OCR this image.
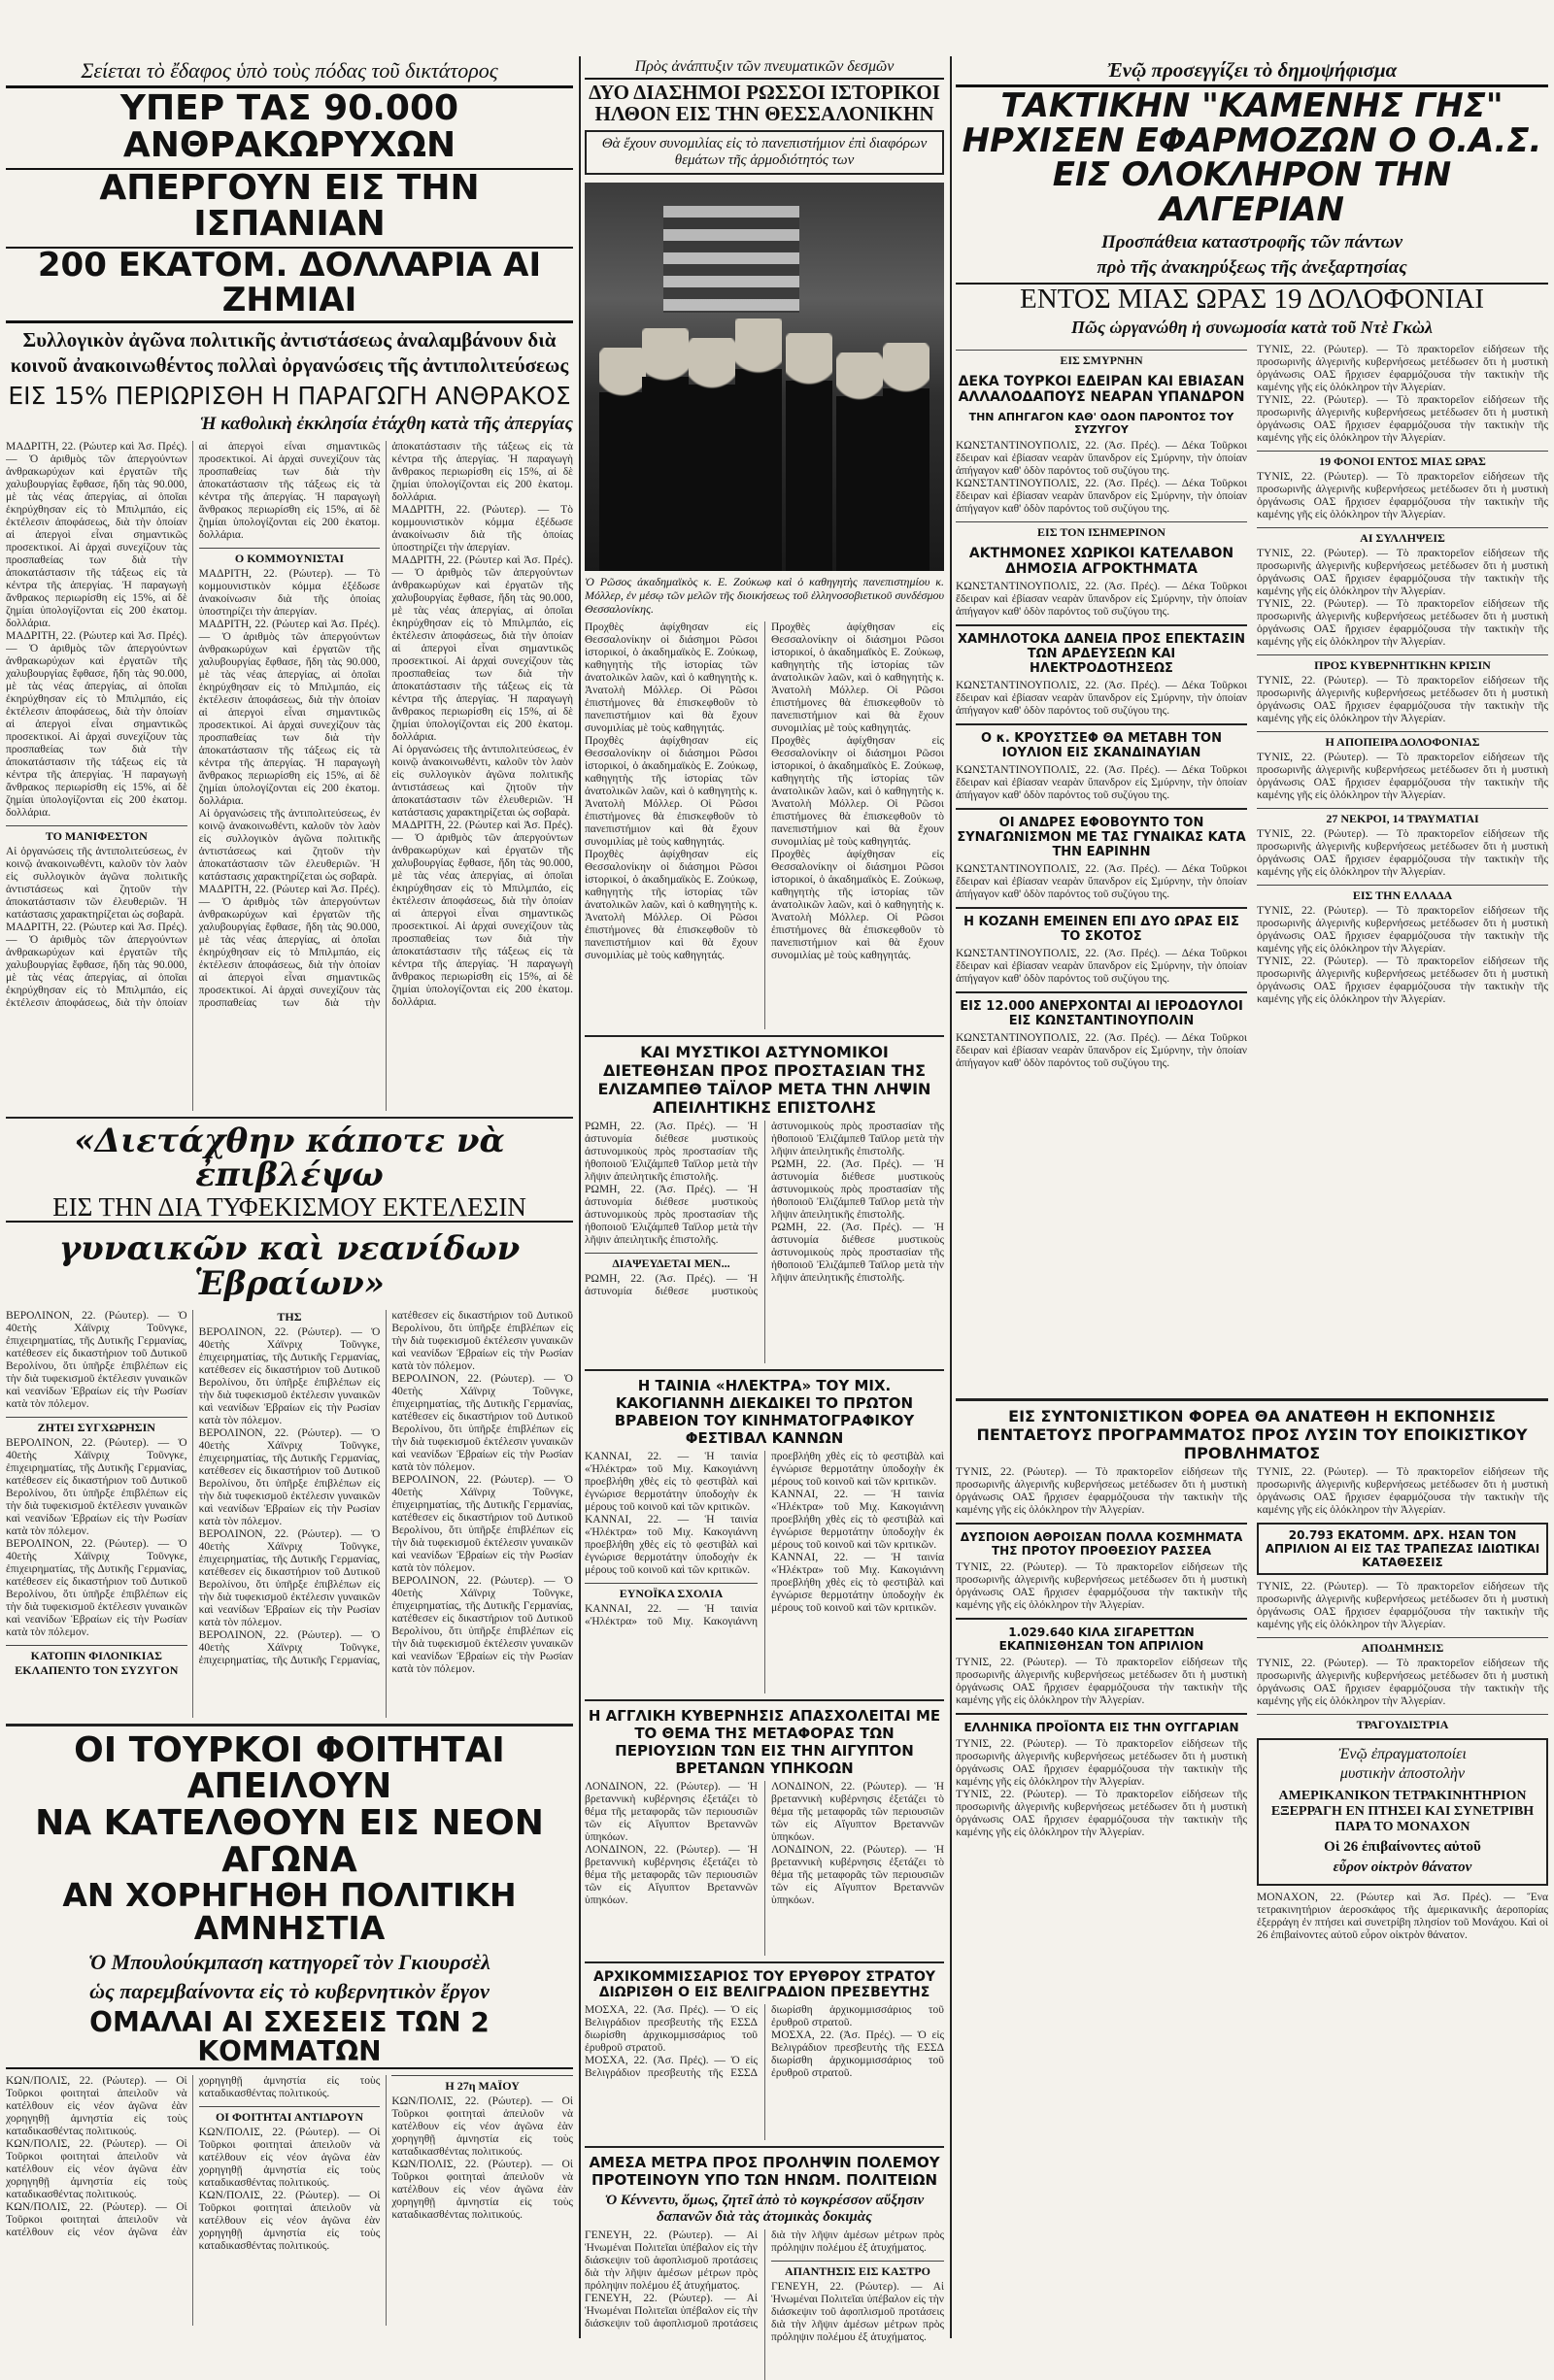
Σείεται τὸ ἔδαφος ὑπὸ τοὺς πόδας τοῦ δικτάτορος
ΥΠΕΡ ΤΑΣ 90.000 ΑΝΘΡΑΚΩΡΥΧΩΝ
ΑΠΕΡΓΟΥΝ ΕΙΣ ΤΗΝ ΙΣΠΑΝΙΑΝ
200 ΕΚΑΤΟΜ. ΔΟΛΛΑΡΙΑ ΑΙ ΖΗΜΙΑΙ
Συλλογικὸν ἀγῶνα πολιτικῆς ἀντιστάσεως ἀναλαμβάνουν διὰ κοινοῦ ἀνακοινωθέντος πολλαὶ ὀργανώσεις τῆς ἀντιπολιτεύσεως
ΕΙΣ 15% ΠΕΡΙΩΡΙΣΘΗ Η ΠΑΡΑΓΩΓΗ ΑΝΘΡΑΚΟΣ
Ἡ καθολικὴ ἐκκλησία ἐτάχθη κατὰ τῆς ἀπεργίας

ΜΑΔΡΙΤΗ, 22. (Ρώυτερ καὶ Ἀσ. Πρές).— Ὁ ἀριθμὸς τῶν ἀπεργούντων ἀνθρακωρύχων καὶ ἐργατῶν τῆς χαλυβουργίας ἔφθασε, ἤδη τὰς 90.000, μὲ τὰς νέας ἀπεργίας, αἱ ὁποῖαι ἐκηρύχθησαν εἰς τὸ Μπιλμπάο, εἰς ἐκτέλεσιν ἀποφάσεως, διὰ τὴν ὁποίαν αἱ ἀπεργοὶ εἶναι σημαντικῶς προσεκτικοί. Αἱ ἀρχαὶ συνεχίζουν τὰς προσπαθείας των διὰ τὴν ἀποκατάστασιν τῆς τάξεως εἰς τὰ κέντρα τῆς ἀπεργίας. Ἡ παραγωγὴ ἄνθρακος περιωρίσθη εἰς 15%, αἱ δὲ ζημίαι ὑπολογίζονται εἰς 200 ἑκατομ. δολλάρια.

ΜΑΔΡΙΤΗ, 22. (Ρώυτερ καὶ Ἀσ. Πρές).— Ὁ ἀριθμὸς τῶν ἀπεργούντων ἀνθρακωρύχων καὶ ἐργατῶν τῆς χαλυβουργίας ἔφθασε, ἤδη τὰς 90.000, μὲ τὰς νέας ἀπεργίας, αἱ ὁποῖαι ἐκηρύχθησαν εἰς τὸ Μπιλμπάο, εἰς ἐκτέλεσιν ἀποφάσεως, διὰ τὴν ὁποίαν αἱ ἀπεργοὶ εἶναι σημαντικῶς προσεκτικοί. Αἱ ἀρχαὶ συνεχίζουν τὰς προσπαθείας των διὰ τὴν ἀποκατάστασιν τῆς τάξεως εἰς τὰ κέντρα τῆς ἀπεργίας. Ἡ παραγωγὴ ἄνθρακος περιωρίσθη εἰς 15%, αἱ δὲ ζημίαι ὑπολογίζονται εἰς 200 ἑκατομ. δολλάρια.

ΤΟ ΜΑΝΙΦΕΣΤΟΝ

Αἱ ὀργανώσεις τῆς ἀντιπολιτεύσεως, ἐν κοινῷ ἀνακοινωθέντι, καλοῦν τὸν λαὸν εἰς συλλογικὸν ἀγῶνα πολιτικῆς ἀντιστάσεως καὶ ζητοῦν τὴν ἀποκατάστασιν τῶν ἐλευθεριῶν. Ἡ κατάστασις χαρακτηρίζεται ὡς σοβαρὰ.

ΜΑΔΡΙΤΗ, 22. (Ρώυτερ καὶ Ἀσ. Πρές).— Ὁ ἀριθμὸς τῶν ἀπεργούντων ἀνθρακωρύχων καὶ ἐργατῶν τῆς χαλυβουργίας ἔφθασε, ἤδη τὰς 90.000, μὲ τὰς νέας ἀπεργίας, αἱ ὁποῖαι ἐκηρύχθησαν εἰς τὸ Μπιλμπάο, εἰς ἐκτέλεσιν ἀποφάσεως, διὰ τὴν ὁποίαν αἱ ἀπεργοὶ εἶναι σημαντικῶς προσεκτικοί. Αἱ ἀρχαὶ συνεχίζουν τὰς προσπαθείας των διὰ τὴν ἀποκατάστασιν τῆς τάξεως εἰς τὰ κέντρα τῆς ἀπεργίας. Ἡ παραγωγὴ ἄνθρακος περιωρίσθη εἰς 15%, αἱ δὲ ζημίαι ὑπολογίζονται εἰς 200 ἑκατομ. δολλάρια.

Ο ΚΟΜΜΟΥΝΙΣΤΑΙ

ΜΑΔΡΙΤΗ, 22. (Ρώυτερ). — Τὸ κομμουνιστικὸν κόμμα ἐξέδωσε ἀνακοίνωσιν διὰ τῆς ὁποίας ὑποστηρίζει τὴν ἀπεργίαν.

ΜΑΔΡΙΤΗ, 22. (Ρώυτερ καὶ Ἀσ. Πρές).— Ὁ ἀριθμὸς τῶν ἀπεργούντων ἀνθρακωρύχων καὶ ἐργατῶν τῆς χαλυβουργίας ἔφθασε, ἤδη τὰς 90.000, μὲ τὰς νέας ἀπεργίας, αἱ ὁποῖαι ἐκηρύχθησαν εἰς τὸ Μπιλμπάο, εἰς ἐκτέλεσιν ἀποφάσεως, διὰ τὴν ὁποίαν αἱ ἀπεργοὶ εἶναι σημαντικῶς προσεκτικοί. Αἱ ἀρχαὶ συνεχίζουν τὰς προσπαθείας των διὰ τὴν ἀποκατάστασιν τῆς τάξεως εἰς τὰ κέντρα τῆς ἀπεργίας. Ἡ παραγωγὴ ἄνθρακος περιωρίσθη εἰς 15%, αἱ δὲ ζημίαι ὑπολογίζονται εἰς 200 ἑκατομ. δολλάρια.

Αἱ ὀργανώσεις τῆς ἀντιπολιτεύσεως, ἐν κοινῷ ἀνακοινωθέντι, καλοῦν τὸν λαὸν εἰς συλλογικὸν ἀγῶνα πολιτικῆς ἀντιστάσεως καὶ ζητοῦν τὴν ἀποκατάστασιν τῶν ἐλευθεριῶν. Ἡ κατάστασις χαρακτηρίζεται ὡς σοβαρὰ.

ΜΑΔΡΙΤΗ, 22. (Ρώυτερ καὶ Ἀσ. Πρές).— Ὁ ἀριθμὸς τῶν ἀπεργούντων ἀνθρακωρύχων καὶ ἐργατῶν τῆς χαλυβουργίας ἔφθασε, ἤδη τὰς 90.000, μὲ τὰς νέας ἀπεργίας, αἱ ὁποῖαι ἐκηρύχθησαν εἰς τὸ Μπιλμπάο, εἰς ἐκτέλεσιν ἀποφάσεως, διὰ τὴν ὁποίαν αἱ ἀπεργοὶ εἶναι σημαντικῶς προσεκτικοί. Αἱ ἀρχαὶ συνεχίζουν τὰς προσπαθείας των διὰ τὴν ἀποκατάστασιν τῆς τάξεως εἰς τὰ κέντρα τῆς ἀπεργίας. Ἡ παραγωγὴ ἄνθρακος περιωρίσθη εἰς 15%, αἱ δὲ ζημίαι ὑπολογίζονται εἰς 200 ἑκατομ. δολλάρια.

ΜΑΔΡΙΤΗ, 22. (Ρώυτερ). — Τὸ κομμουνιστικὸν κόμμα ἐξέδωσε ἀνακοίνωσιν διὰ τῆς ὁποίας ὑποστηρίζει τὴν ἀπεργίαν.

ΜΑΔΡΙΤΗ, 22. (Ρώυτερ καὶ Ἀσ. Πρές).— Ὁ ἀριθμὸς τῶν ἀπεργούντων ἀνθρακωρύχων καὶ ἐργατῶν τῆς χαλυβουργίας ἔφθασε, ἤδη τὰς 90.000, μὲ τὰς νέας ἀπεργίας, αἱ ὁποῖαι ἐκηρύχθησαν εἰς τὸ Μπιλμπάο, εἰς ἐκτέλεσιν ἀποφάσεως, διὰ τὴν ὁποίαν αἱ ἀπεργοὶ εἶναι σημαντικῶς προσεκτικοί. Αἱ ἀρχαὶ συνεχίζουν τὰς προσπαθείας των διὰ τὴν ἀποκατάστασιν τῆς τάξεως εἰς τὰ κέντρα τῆς ἀπεργίας. Ἡ παραγωγὴ ἄνθρακος περιωρίσθη εἰς 15%, αἱ δὲ ζημίαι ὑπολογίζονται εἰς 200 ἑκατομ. δολλάρια.

Αἱ ὀργανώσεις τῆς ἀντιπολιτεύσεως, ἐν κοινῷ ἀνακοινωθέντι, καλοῦν τὸν λαὸν εἰς συλλογικὸν ἀγῶνα πολιτικῆς ἀντιστάσεως καὶ ζητοῦν τὴν ἀποκατάστασιν τῶν ἐλευθεριῶν. Ἡ κατάστασις χαρακτηρίζεται ὡς σοβαρὰ.

ΜΑΔΡΙΤΗ, 22. (Ρώυτερ καὶ Ἀσ. Πρές).— Ὁ ἀριθμὸς τῶν ἀπεργούντων ἀνθρακωρύχων καὶ ἐργατῶν τῆς χαλυβουργίας ἔφθασε, ἤδη τὰς 90.000, μὲ τὰς νέας ἀπεργίας, αἱ ὁποῖαι ἐκηρύχθησαν εἰς τὸ Μπιλμπάο, εἰς ἐκτέλεσιν ἀποφάσεως, διὰ τὴν ὁποίαν αἱ ἀπεργοὶ εἶναι σημαντικῶς προσεκτικοί. Αἱ ἀρχαὶ συνεχίζουν τὰς προσπαθείας των διὰ τὴν ἀποκατάστασιν τῆς τάξεως εἰς τὰ κέντρα τῆς ἀπεργίας. Ἡ παραγωγὴ ἄνθρακος περιωρίσθη εἰς 15%, αἱ δὲ ζημίαι ὑπολογίζονται εἰς 200 ἑκατομ. δολλάρια.

«Διετάχθην κάποτε νὰ ἐπιβλέψω
ΕΙΣ ΤΗΝ ΔΙΑ ΤΥΦΕΚΙΣΜΟΥ ΕΚΤΕΛΕΣΙΝ
γυναικῶν καὶ νεανίδων Ἑβραίων»

ΒΕΡΟΛΙΝΟΝ, 22. (Ρώυτερ). — Ὁ 40ετὴς Χάϊνριχ Τοῦνγκε, ἐπιχειρηματίας, τῆς Δυτικῆς Γερμανίας, κατέθεσεν εἰς δικαστήριον τοῦ Δυτικοῦ Βερολίνου, ὅτι ὑπῆρξε ἐπιβλέπων εἰς τὴν διὰ τυφεκισμοῦ ἐκτέλεσιν γυναικῶν καὶ νεανίδων Ἑβραίων εἰς τὴν Ρωσίαν κατὰ τὸν πόλεμον.

ΖΗΤΕΙ ΣΥΓΧΩΡΗΣΙΝ

ΒΕΡΟΛΙΝΟΝ, 22. (Ρώυτερ). — Ὁ 40ετὴς Χάϊνριχ Τοῦνγκε, ἐπιχειρηματίας, τῆς Δυτικῆς Γερμανίας, κατέθεσεν εἰς δικαστήριον τοῦ Δυτικοῦ Βερολίνου, ὅτι ὑπῆρξε ἐπιβλέπων εἰς τὴν διὰ τυφεκισμοῦ ἐκτέλεσιν γυναικῶν καὶ νεανίδων Ἑβραίων εἰς τὴν Ρωσίαν κατὰ τὸν πόλεμον.

ΒΕΡΟΛΙΝΟΝ, 22. (Ρώυτερ). — Ὁ 40ετὴς Χάϊνριχ Τοῦνγκε, ἐπιχειρηματίας, τῆς Δυτικῆς Γερμανίας, κατέθεσεν εἰς δικαστήριον τοῦ Δυτικοῦ Βερολίνου, ὅτι ὑπῆρξε ἐπιβλέπων εἰς τὴν διὰ τυφεκισμοῦ ἐκτέλεσιν γυναικῶν καὶ νεανίδων Ἑβραίων εἰς τὴν Ρωσίαν κατὰ τὸν πόλεμον.

ΚΑΤΟΠΙΝ ΦΙΛΟΝΙΚΙΑΣ ΕΚΛΑΠΕΝΤΟ ΤΟΝ ΣΥΖΥΓΟΝ ΤΗΣ

ΒΕΡΟΛΙΝΟΝ, 22. (Ρώυτερ). — Ὁ 40ετὴς Χάϊνριχ Τοῦνγκε, ἐπιχειρηματίας, τῆς Δυτικῆς Γερμανίας, κατέθεσεν εἰς δικαστήριον τοῦ Δυτικοῦ Βερολίνου, ὅτι ὑπῆρξε ἐπιβλέπων εἰς τὴν διὰ τυφεκισμοῦ ἐκτέλεσιν γυναικῶν καὶ νεανίδων Ἑβραίων εἰς τὴν Ρωσίαν κατὰ τὸν πόλεμον.

ΒΕΡΟΛΙΝΟΝ, 22. (Ρώυτερ). — Ὁ 40ετὴς Χάϊνριχ Τοῦνγκε, ἐπιχειρηματίας, τῆς Δυτικῆς Γερμανίας, κατέθεσεν εἰς δικαστήριον τοῦ Δυτικοῦ Βερολίνου, ὅτι ὑπῆρξε ἐπιβλέπων εἰς τὴν διὰ τυφεκισμοῦ ἐκτέλεσιν γυναικῶν καὶ νεανίδων Ἑβραίων εἰς τὴν Ρωσίαν κατὰ τὸν πόλεμον.

ΒΕΡΟΛΙΝΟΝ, 22. (Ρώυτερ). — Ὁ 40ετὴς Χάϊνριχ Τοῦνγκε, ἐπιχειρηματίας, τῆς Δυτικῆς Γερμανίας, κατέθεσεν εἰς δικαστήριον τοῦ Δυτικοῦ Βερολίνου, ὅτι ὑπῆρξε ἐπιβλέπων εἰς τὴν διὰ τυφεκισμοῦ ἐκτέλεσιν γυναικῶν καὶ νεανίδων Ἑβραίων εἰς τὴν Ρωσίαν κατὰ τὸν πόλεμον.

ΒΕΡΟΛΙΝΟΝ, 22. (Ρώυτερ). — Ὁ 40ετὴς Χάϊνριχ Τοῦνγκε, ἐπιχειρηματίας, τῆς Δυτικῆς Γερμανίας, κατέθεσεν εἰς δικαστήριον τοῦ Δυτικοῦ Βερολίνου, ὅτι ὑπῆρξε ἐπιβλέπων εἰς τὴν διὰ τυφεκισμοῦ ἐκτέλεσιν γυναικῶν καὶ νεανίδων Ἑβραίων εἰς τὴν Ρωσίαν κατὰ τὸν πόλεμον.

ΒΕΡΟΛΙΝΟΝ, 22. (Ρώυτερ). — Ὁ 40ετὴς Χάϊνριχ Τοῦνγκε, ἐπιχειρηματίας, τῆς Δυτικῆς Γερμανίας, κατέθεσεν εἰς δικαστήριον τοῦ Δυτικοῦ Βερολίνου, ὅτι ὑπῆρξε ἐπιβλέπων εἰς τὴν διὰ τυφεκισμοῦ ἐκτέλεσιν γυναικῶν καὶ νεανίδων Ἑβραίων εἰς τὴν Ρωσίαν κατὰ τὸν πόλεμον.

ΒΕΡΟΛΙΝΟΝ, 22. (Ρώυτερ). — Ὁ 40ετὴς Χάϊνριχ Τοῦνγκε, ἐπιχειρηματίας, τῆς Δυτικῆς Γερμανίας, κατέθεσεν εἰς δικαστήριον τοῦ Δυτικοῦ Βερολίνου, ὅτι ὑπῆρξε ἐπιβλέπων εἰς τὴν διὰ τυφεκισμοῦ ἐκτέλεσιν γυναικῶν καὶ νεανίδων Ἑβραίων εἰς τὴν Ρωσίαν κατὰ τὸν πόλεμον.

ΒΕΡΟΛΙΝΟΝ, 22. (Ρώυτερ). — Ὁ 40ετὴς Χάϊνριχ Τοῦνγκε, ἐπιχειρηματίας, τῆς Δυτικῆς Γερμανίας, κατέθεσεν εἰς δικαστήριον τοῦ Δυτικοῦ Βερολίνου, ὅτι ὑπῆρξε ἐπιβλέπων εἰς τὴν διὰ τυφεκισμοῦ ἐκτέλεσιν γυναικῶν καὶ νεανίδων Ἑβραίων εἰς τὴν Ρωσίαν κατὰ τὸν πόλεμον.

ΟΙ ΤΟΥΡΚΟΙ ΦΟΙΤΗΤΑΙ ΑΠΕΙΛΟΥΝ
ΝΑ ΚΑΤΕΛΘΟΥΝ ΕΙΣ ΝΕΟΝ ΑΓΩΝΑ
ΑΝ ΧΟΡΗΓΗΘΗ ΠΟΛΙΤΙΚΗ ΑΜΝΗΣΤΙΑ
Ὁ Μπουλούκμπαση κατηγορεῖ τὸν Γκιουρσὲλ
ὡς παρεμβαίνοντα εἰς τὸ κυβερνητικὸν ἔργον
ΟΜΑΛΑΙ ΑΙ ΣΧΕΣΕΙΣ ΤΩΝ 2 ΚΟΜΜΑΤΩΝ

ΚΩΝ/ΠΟΛΙΣ, 22. (Ρώυτερ). — Οἱ Τοῦρκοι φοιτηταὶ ἀπειλοῦν νὰ κατέλθουν εἰς νέον ἀγῶνα ἐὰν χορηγηθῇ ἀμνηστία εἰς τοὺς καταδικασθέντας πολιτικούς.

ΚΩΝ/ΠΟΛΙΣ, 22. (Ρώυτερ). — Οἱ Τοῦρκοι φοιτηταὶ ἀπειλοῦν νὰ κατέλθουν εἰς νέον ἀγῶνα ἐὰν χορηγηθῇ ἀμνηστία εἰς τοὺς καταδικασθέντας πολιτικούς.

ΚΩΝ/ΠΟΛΙΣ, 22. (Ρώυτερ). — Οἱ Τοῦρκοι φοιτηταὶ ἀπειλοῦν νὰ κατέλθουν εἰς νέον ἀγῶνα ἐὰν χορηγηθῇ ἀμνηστία εἰς τοὺς καταδικασθέντας πολιτικούς.

ΟΙ ΦΟΙΤΗΤΑΙ ΑΝΤΙΔΡΟΥΝ

ΚΩΝ/ΠΟΛΙΣ, 22. (Ρώυτερ). — Οἱ Τοῦρκοι φοιτηταὶ ἀπειλοῦν νὰ κατέλθουν εἰς νέον ἀγῶνα ἐὰν χορηγηθῇ ἀμνηστία εἰς τοὺς καταδικασθέντας πολιτικούς.

ΚΩΝ/ΠΟΛΙΣ, 22. (Ρώυτερ). — Οἱ Τοῦρκοι φοιτηταὶ ἀπειλοῦν νὰ κατέλθουν εἰς νέον ἀγῶνα ἐὰν χορηγηθῇ ἀμνηστία εἰς τοὺς καταδικασθέντας πολιτικούς.

Η 27η ΜΑΪΟΥ

ΚΩΝ/ΠΟΛΙΣ, 22. (Ρώυτερ). — Οἱ Τοῦρκοι φοιτηταὶ ἀπειλοῦν νὰ κατέλθουν εἰς νέον ἀγῶνα ἐὰν χορηγηθῇ ἀμνηστία εἰς τοὺς καταδικασθέντας πολιτικούς.

ΚΩΝ/ΠΟΛΙΣ, 22. (Ρώυτερ). — Οἱ Τοῦρκοι φοιτηταὶ ἀπειλοῦν νὰ κατέλθουν εἰς νέον ἀγῶνα ἐὰν χορηγηθῇ ἀμνηστία εἰς τοὺς καταδικασθέντας πολιτικούς.

Πρὸς ἀνάπτυξιν τῶν πνευματικῶν δεσμῶν
ΔΥΟ ΔΙΑΣΗΜΟΙ ΡΩΣΣΟΙ ΙΣΤΟΡΙΚΟΙ ΗΛΘΟΝ ΕΙΣ ΤΗΝ ΘΕΣΣΑΛΟΝΙΚΗΝ
Θὰ ἔχουν συνομιλίας εἰς τὸ πανεπιστήμιον ἐπὶ διαφόρων θεμάτων τῆς ἁρμοδιότητός των

Ὁ Ρῶσος ἀκαδημαϊκὸς κ. Ε. Ζούκωφ καὶ ὁ καθηγητὴς πανεπιστημίου κ. Μόλλερ, ἐν μέσῳ τῶν μελῶν τῆς διοικήσεως τοῦ ἑλληνοσοβιετικοῦ συνδέσμου Θεσσαλονίκης.

Προχθὲς ἀφίχθησαν εἰς Θεσσαλονίκην οἱ διάσημοι Ρῶσοι ἱστορικοί, ὁ ἀκαδημαϊκὸς Ε. Ζούκωφ, καθηγητὴς τῆς ἱστορίας τῶν ἀνατολικῶν λαῶν, καὶ ὁ καθηγητὴς κ. Ἀνατολὴ Μόλλερ. Οἱ Ρῶσοι ἐπιστήμονες θὰ ἐπισκεφθοῦν τὸ πανεπιστήμιον καὶ θὰ ἔχουν συνομιλίας μὲ τοὺς καθηγητάς.

Προχθὲς ἀφίχθησαν εἰς Θεσσαλονίκην οἱ διάσημοι Ρῶσοι ἱστορικοί, ὁ ἀκαδημαϊκὸς Ε. Ζούκωφ, καθηγητὴς τῆς ἱστορίας τῶν ἀνατολικῶν λαῶν, καὶ ὁ καθηγητὴς κ. Ἀνατολὴ Μόλλερ. Οἱ Ρῶσοι ἐπιστήμονες θὰ ἐπισκεφθοῦν τὸ πανεπιστήμιον καὶ θὰ ἔχουν συνομιλίας μὲ τοὺς καθηγητάς.

Προχθὲς ἀφίχθησαν εἰς Θεσσαλονίκην οἱ διάσημοι Ρῶσοι ἱστορικοί, ὁ ἀκαδημαϊκὸς Ε. Ζούκωφ, καθηγητὴς τῆς ἱστορίας τῶν ἀνατολικῶν λαῶν, καὶ ὁ καθηγητὴς κ. Ἀνατολὴ Μόλλερ. Οἱ Ρῶσοι ἐπιστήμονες θὰ ἐπισκεφθοῦν τὸ πανεπιστήμιον καὶ θὰ ἔχουν συνομιλίας μὲ τοὺς καθηγητάς.

Προχθὲς ἀφίχθησαν εἰς Θεσσαλονίκην οἱ διάσημοι Ρῶσοι ἱστορικοί, ὁ ἀκαδημαϊκὸς Ε. Ζούκωφ, καθηγητὴς τῆς ἱστορίας τῶν ἀνατολικῶν λαῶν, καὶ ὁ καθηγητὴς κ. Ἀνατολὴ Μόλλερ. Οἱ Ρῶσοι ἐπιστήμονες θὰ ἐπισκεφθοῦν τὸ πανεπιστήμιον καὶ θὰ ἔχουν συνομιλίας μὲ τοὺς καθηγητάς.

Προχθὲς ἀφίχθησαν εἰς Θεσσαλονίκην οἱ διάσημοι Ρῶσοι ἱστορικοί, ὁ ἀκαδημαϊκὸς Ε. Ζούκωφ, καθηγητὴς τῆς ἱστορίας τῶν ἀνατολικῶν λαῶν, καὶ ὁ καθηγητὴς κ. Ἀνατολὴ Μόλλερ. Οἱ Ρῶσοι ἐπιστήμονες θὰ ἐπισκεφθοῦν τὸ πανεπιστήμιον καὶ θὰ ἔχουν συνομιλίας μὲ τοὺς καθηγητάς.

Προχθὲς ἀφίχθησαν εἰς Θεσσαλονίκην οἱ διάσημοι Ρῶσοι ἱστορικοί, ὁ ἀκαδημαϊκὸς Ε. Ζούκωφ, καθηγητὴς τῆς ἱστορίας τῶν ἀνατολικῶν λαῶν, καὶ ὁ καθηγητὴς κ. Ἀνατολὴ Μόλλερ. Οἱ Ρῶσοι ἐπιστήμονες θὰ ἐπισκεφθοῦν τὸ πανεπιστήμιον καὶ θὰ ἔχουν συνομιλίας μὲ τοὺς καθηγητάς.

ΚΑΙ ΜΥΣΤΙΚΟΙ ΑΣΤΥΝΟΜΙΚΟΙ ΔΙΕΤΕΘΗΣΑΝ ΠΡΟΣ ΠΡΟΣΤΑΣΙΑΝ ΤΗΣ ΕΛΙΖΑΜΠΕΘ ΤΑΪΛΟΡ ΜΕΤΑ ΤΗΝ ΛΗΨΙΝ ΑΠΕΙΛΗΤΙΚΗΣ ΕΠΙΣΤΟΛΗΣ

ΡΩΜΗ, 22. (Ἀσ. Πρές). — Ἡ ἀστυνομία διέθεσε μυστικοὺς ἀστυνομικοὺς πρὸς προστασίαν τῆς ἠθοποιοῦ Ἐλιζάμπεθ Ταϊλορ μετὰ τὴν λῆψιν ἀπειλητικῆς ἐπιστολῆς.

ΡΩΜΗ, 22. (Ἀσ. Πρές). — Ἡ ἀστυνομία διέθεσε μυστικοὺς ἀστυνομικοὺς πρὸς προστασίαν τῆς ἠθοποιοῦ Ἐλιζάμπεθ Ταϊλορ μετὰ τὴν λῆψιν ἀπειλητικῆς ἐπιστολῆς.

ΔΙΑΨΕΥΔΕΤΑΙ ΜΕΝ...

ΡΩΜΗ, 22. (Ἀσ. Πρές). — Ἡ ἀστυνομία διέθεσε μυστικοὺς ἀστυνομικοὺς πρὸς προστασίαν τῆς ἠθοποιοῦ Ἐλιζάμπεθ Ταϊλορ μετὰ τὴν λῆψιν ἀπειλητικῆς ἐπιστολῆς.

ΡΩΜΗ, 22. (Ἀσ. Πρές). — Ἡ ἀστυνομία διέθεσε μυστικοὺς ἀστυνομικοὺς πρὸς προστασίαν τῆς ἠθοποιοῦ Ἐλιζάμπεθ Ταϊλορ μετὰ τὴν λῆψιν ἀπειλητικῆς ἐπιστολῆς.

ΡΩΜΗ, 22. (Ἀσ. Πρές). — Ἡ ἀστυνομία διέθεσε μυστικοὺς ἀστυνομικοὺς πρὸς προστασίαν τῆς ἠθοποιοῦ Ἐλιζάμπεθ Ταϊλορ μετὰ τὴν λῆψιν ἀπειλητικῆς ἐπιστολῆς.

Η ΤΑΙΝΙΑ «ΗΛΕΚΤΡΑ» ΤΟΥ ΜΙΧ. ΚΑΚΟΓΙΑΝΝΗ ΔΙΕΚΔΙΚΕΙ ΤΟ ΠΡΩΤΟΝ ΒΡΑΒΕΙΟΝ ΤΟΥ ΚΙΝΗΜΑΤΟΓΡΑΦΙΚΟΥ ΦΕΣΤΙΒΑΛ ΚΑΝΝΩΝ

ΚΑΝΝΑΙ, 22. — Ἡ ταινία «Ἠλέκτρα» τοῦ Μιχ. Κακογιάννη προεβλήθη χθὲς εἰς τὸ φεστιβὰλ καὶ ἐγνώρισε θερμοτάτην ὑποδοχὴν ἐκ μέρους τοῦ κοινοῦ καὶ τῶν κριτικῶν.

ΚΑΝΝΑΙ, 22. — Ἡ ταινία «Ἠλέκτρα» τοῦ Μιχ. Κακογιάννη προεβλήθη χθὲς εἰς τὸ φεστιβὰλ καὶ ἐγνώρισε θερμοτάτην ὑποδοχὴν ἐκ μέρους τοῦ κοινοῦ καὶ τῶν κριτικῶν.

ΕΥΝΟΪΚΑ ΣΧΟΛΙΑ

ΚΑΝΝΑΙ, 22. — Ἡ ταινία «Ἠλέκτρα» τοῦ Μιχ. Κακογιάννη προεβλήθη χθὲς εἰς τὸ φεστιβὰλ καὶ ἐγνώρισε θερμοτάτην ὑποδοχὴν ἐκ μέρους τοῦ κοινοῦ καὶ τῶν κριτικῶν.

ΚΑΝΝΑΙ, 22. — Ἡ ταινία «Ἠλέκτρα» τοῦ Μιχ. Κακογιάννη προεβλήθη χθὲς εἰς τὸ φεστιβὰλ καὶ ἐγνώρισε θερμοτάτην ὑποδοχὴν ἐκ μέρους τοῦ κοινοῦ καὶ τῶν κριτικῶν.

ΚΑΝΝΑΙ, 22. — Ἡ ταινία «Ἠλέκτρα» τοῦ Μιχ. Κακογιάννη προεβλήθη χθὲς εἰς τὸ φεστιβὰλ καὶ ἐγνώρισε θερμοτάτην ὑποδοχὴν ἐκ μέρους τοῦ κοινοῦ καὶ τῶν κριτικῶν.

Η ΑΓΓΛΙΚΗ ΚΥΒΕΡΝΗΣΙΣ ΑΠΑΣΧΟΛΕΙΤΑΙ ΜΕ ΤΟ ΘΕΜΑ ΤΗΣ ΜΕΤΑΦΟΡΑΣ ΤΩΝ ΠΕΡΙΟΥΣΙΩΝ ΤΩΝ ΕΙΣ ΤΗΝ ΑΙΓΥΠΤΟΝ ΒΡΕΤΑΝΩΝ ΥΠΗΚΟΩΝ

ΛΟΝΔΙΝΟΝ, 22. (Ρώυτερ). — Ἡ βρεταννικὴ κυβέρνησις ἐξετάζει τὸ θέμα τῆς μεταφορᾶς τῶν περιουσιῶν τῶν εἰς Αἴγυπτον Βρεταννῶν ὑπηκόων.

ΛΟΝΔΙΝΟΝ, 22. (Ρώυτερ). — Ἡ βρεταννικὴ κυβέρνησις ἐξετάζει τὸ θέμα τῆς μεταφορᾶς τῶν περιουσιῶν τῶν εἰς Αἴγυπτον Βρεταννῶν ὑπηκόων.

ΛΟΝΔΙΝΟΝ, 22. (Ρώυτερ). — Ἡ βρεταννικὴ κυβέρνησις ἐξετάζει τὸ θέμα τῆς μεταφορᾶς τῶν περιουσιῶν τῶν εἰς Αἴγυπτον Βρεταννῶν ὑπηκόων.

ΛΟΝΔΙΝΟΝ, 22. (Ρώυτερ). — Ἡ βρεταννικὴ κυβέρνησις ἐξετάζει τὸ θέμα τῆς μεταφορᾶς τῶν περιουσιῶν τῶν εἰς Αἴγυπτον Βρεταννῶν ὑπηκόων.

ΑΡΧΙΚΟΜΜΙΣΣΑΡΙΟΣ ΤΟΥ ΕΡΥΘΡΟΥ ΣΤΡΑΤΟΥ ΔΙΩΡΙΣΘΗ Ο ΕΙΣ ΒΕΛΙΓΡΑΔΙΟΝ ΠΡΕΣΒΕΥΤΗΣ

ΜΟΣΧΑ, 22. (Ἀσ. Πρές). — Ὁ εἰς Βελιγράδιον πρεσβευτὴς τῆς ΕΣΣΔ διωρίσθη ἀρχικομμισσάριος τοῦ ἐρυθροῦ στρατοῦ.

ΜΟΣΧΑ, 22. (Ἀσ. Πρές). — Ὁ εἰς Βελιγράδιον πρεσβευτὴς τῆς ΕΣΣΔ διωρίσθη ἀρχικομμισσάριος τοῦ ἐρυθροῦ στρατοῦ.

ΜΟΣΧΑ, 22. (Ἀσ. Πρές). — Ὁ εἰς Βελιγράδιον πρεσβευτὴς τῆς ΕΣΣΔ διωρίσθη ἀρχικομμισσάριος τοῦ ἐρυθροῦ στρατοῦ.

ΑΜΕΣΑ ΜΕΤΡΑ ΠΡΟΣ ΠΡΟΛΗΨΙΝ ΠΟΛΕΜΟΥ ΠΡΟΤΕΙΝΟΥΝ ΥΠΟ ΤΩΝ ΗΝΩΜ. ΠΟΛΙΤΕΙΩΝ
Ὁ Κέννεντυ, ὅμως, ζητεῖ ἀπὸ τὸ κογκρέσσον αὔξησιν δαπανῶν διὰ τὰς ἀτομικὰς δοκιμὰς

ΓΕΝΕΥΗ, 22. (Ρώυτερ). — Αἱ Ἡνωμέναι Πολιτεῖαι ὑπέβαλον εἰς τὴν διάσκεψιν τοῦ ἀφοπλισμοῦ προτάσεις διὰ τὴν λῆψιν ἀμέσων μέτρων πρὸς πρόληψιν πολέμου ἐξ ἀτυχήματος.

ΓΕΝΕΥΗ, 22. (Ρώυτερ). — Αἱ Ἡνωμέναι Πολιτεῖαι ὑπέβαλον εἰς τὴν διάσκεψιν τοῦ ἀφοπλισμοῦ προτάσεις διὰ τὴν λῆψιν ἀμέσων μέτρων πρὸς πρόληψιν πολέμου ἐξ ἀτυχήματος.

ΑΠΑΝΤΗΣΙΣ ΕΙΣ ΚΑΣΤΡΟ

ΓΕΝΕΥΗ, 22. (Ρώυτερ). — Αἱ Ἡνωμέναι Πολιτεῖαι ὑπέβαλον εἰς τὴν διάσκεψιν τοῦ ἀφοπλισμοῦ προτάσεις διὰ τὴν λῆψιν ἀμέσων μέτρων πρὸς πρόληψιν πολέμου ἐξ ἀτυχήματος.

Ἐνῷ προσεγγίζει τὸ δημοψήφισμα
ΤΑΚΤΙΚΗΝ "ΚΑΜΕΝΗΣ ΓΗΣ" ΗΡΧΙΣΕΝ ΕΦΑΡΜΟΖΩΝ Ο Ο.Α.Σ. ΕΙΣ ΟΛΟΚΛΗΡΟΝ ΤΗΝ ΑΛΓΕΡΙΑΝ
Προσπάθεια καταστροφῆς τῶν πάντων
πρὸ τῆς ἀνακηρύξεως τῆς ἀνεξαρτησίας
ΕΝΤΟΣ ΜΙΑΣ ΩΡΑΣ 19 ΔΟΛΟΦΟΝΙΑΙ
Πῶς ὡργανώθη ἡ συνωμοσία κατὰ τοῦ Ντὲ Γκὼλ
ΕΙΣ ΣΜΥΡΝΗΝ
ΔΕΚΑ ΤΟΥΡΚΟΙ ΕΔΕΙΡΑΝ ΚΑΙ ΕΒΙΑΣΑΝ ΑΛΛΑΛΟΔΑΠΟΥΣ ΝΕΑΡΑΝ ΥΠΑΝΔΡΟΝ
ΤΗΝ ΑΠΗΓΑΓΟΝ ΚΑΘ' ΟΔΟΝ ΠΑΡΟΝΤΟΣ ΤΟΥ ΣΥΖΥΓΟΥ

ΚΩΝΣΤΑΝΤΙΝΟΥΠΟΛΙΣ, 22. (Ἀσ. Πρές). — Δέκα Τοῦρκοι ἔδειραν καὶ ἐβίασαν νεαρὰν ὕπανδρον εἰς Σμύρνην, τὴν ὁποίαν ἀπήγαγον καθ' ὁδὸν παρόντος τοῦ συζύγου της.

ΚΩΝΣΤΑΝΤΙΝΟΥΠΟΛΙΣ, 22. (Ἀσ. Πρές). — Δέκα Τοῦρκοι ἔδειραν καὶ ἐβίασαν νεαρὰν ὕπανδρον εἰς Σμύρνην, τὴν ὁποίαν ἀπήγαγον καθ' ὁδὸν παρόντος τοῦ συζύγου της.

ΕΙΣ ΤΟΝ ΙΣΗΜΕΡΙΝΟΝ
ΑΚΤΗΜΟΝΕΣ ΧΩΡΙΚΟΙ ΚΑΤΕΛΑΒΟΝ ΔΗΜΟΣΙΑ ΑΓΡΟΚΤΗΜΑΤΑ

ΚΩΝΣΤΑΝΤΙΝΟΥΠΟΛΙΣ, 22. (Ἀσ. Πρές). — Δέκα Τοῦρκοι ἔδειραν καὶ ἐβίασαν νεαρὰν ὕπανδρον εἰς Σμύρνην, τὴν ὁποίαν ἀπήγαγον καθ' ὁδὸν παρόντος τοῦ συζύγου της.

ΧΑΜΗΛΟΤΟΚΑ ΔΑΝΕΙΑ ΠΡΟΣ ΕΠΕΚΤΑΣΙΝ ΤΩΝ ΑΡΔΕΥΣΕΩΝ ΚΑΙ ΗΛΕΚΤΡΟΔΟΤΗΣΕΩΣ

ΚΩΝΣΤΑΝΤΙΝΟΥΠΟΛΙΣ, 22. (Ἀσ. Πρές). — Δέκα Τοῦρκοι ἔδειραν καὶ ἐβίασαν νεαρὰν ὕπανδρον εἰς Σμύρνην, τὴν ὁποίαν ἀπήγαγον καθ' ὁδὸν παρόντος τοῦ συζύγου της.

Ο κ. ΚΡΟΥΣΤΣΕΦ ΘΑ ΜΕΤΑΒΗ ΤΟΝ ΙΟΥΛΙΟΝ ΕΙΣ ΣΚΑΝΔΙΝΑΥΙΑΝ

ΚΩΝΣΤΑΝΤΙΝΟΥΠΟΛΙΣ, 22. (Ἀσ. Πρές). — Δέκα Τοῦρκοι ἔδειραν καὶ ἐβίασαν νεαρὰν ὕπανδρον εἰς Σμύρνην, τὴν ὁποίαν ἀπήγαγον καθ' ὁδὸν παρόντος τοῦ συζύγου της.

ΟΙ ΑΝΔΡΕΣ ΕΦΟΒΟΥΝΤΟ ΤΟΝ ΣΥΝΑΓΩΝΙΣΜΟΝ ΜΕ ΤΑΣ ΓΥΝΑΙΚΑΣ ΚΑΤΑ ΤΗΝ ΕΑΡΙΝΗΝ

ΚΩΝΣΤΑΝΤΙΝΟΥΠΟΛΙΣ, 22. (Ἀσ. Πρές). — Δέκα Τοῦρκοι ἔδειραν καὶ ἐβίασαν νεαρὰν ὕπανδρον εἰς Σμύρνην, τὴν ὁποίαν ἀπήγαγον καθ' ὁδὸν παρόντος τοῦ συζύγου της.

Η ΚΟΖΑΝΗ ΕΜΕΙΝΕΝ ΕΠΙ ΔΥΟ ΩΡΑΣ ΕΙΣ ΤΟ ΣΚΟΤΟΣ

ΚΩΝΣΤΑΝΤΙΝΟΥΠΟΛΙΣ, 22. (Ἀσ. Πρές). — Δέκα Τοῦρκοι ἔδειραν καὶ ἐβίασαν νεαρὰν ὕπανδρον εἰς Σμύρνην, τὴν ὁποίαν ἀπήγαγον καθ' ὁδὸν παρόντος τοῦ συζύγου της.

ΕΙΣ 12.000 ΑΝΕΡΧΟΝΤΑΙ ΑΙ ΙΕΡΟΔΟΥΛΟΙ ΕΙΣ ΚΩΝΣΤΑΝΤΙΝΟΥΠΟΛΙΝ

ΚΩΝΣΤΑΝΤΙΝΟΥΠΟΛΙΣ, 22. (Ἀσ. Πρές). — Δέκα Τοῦρκοι ἔδειραν καὶ ἐβίασαν νεαρὰν ὕπανδρον εἰς Σμύρνην, τὴν ὁποίαν ἀπήγαγον καθ' ὁδὸν παρόντος τοῦ συζύγου της.

ΤΥΝΙΣ, 22. (Ρώυτερ). — Τὸ πρακτορεῖον εἰδήσεων τῆς προσωρινῆς ἀλγερινῆς κυβερνήσεως μετέδωσεν ὅτι ἡ μυστικὴ ὀργάνωσις ΟΑΣ ἤρχισεν ἐφαρμόζουσα τὴν τακτικὴν τῆς καμένης γῆς εἰς ὁλόκληρον τὴν Ἀλγερίαν.

ΤΥΝΙΣ, 22. (Ρώυτερ). — Τὸ πρακτορεῖον εἰδήσεων τῆς προσωρινῆς ἀλγερινῆς κυβερνήσεως μετέδωσεν ὅτι ἡ μυστικὴ ὀργάνωσις ΟΑΣ ἤρχισεν ἐφαρμόζουσα τὴν τακτικὴν τῆς καμένης γῆς εἰς ὁλόκληρον τὴν Ἀλγερίαν.

19 ΦΟΝΟΙ ΕΝΤΟΣ ΜΙΑΣ ΩΡΑΣ

ΤΥΝΙΣ, 22. (Ρώυτερ). — Τὸ πρακτορεῖον εἰδήσεων τῆς προσωρινῆς ἀλγερινῆς κυβερνήσεως μετέδωσεν ὅτι ἡ μυστικὴ ὀργάνωσις ΟΑΣ ἤρχισεν ἐφαρμόζουσα τὴν τακτικὴν τῆς καμένης γῆς εἰς ὁλόκληρον τὴν Ἀλγερίαν.

ΑΙ ΣΥΛΛΗΨΕΙΣ

ΤΥΝΙΣ, 22. (Ρώυτερ). — Τὸ πρακτορεῖον εἰδήσεων τῆς προσωρινῆς ἀλγερινῆς κυβερνήσεως μετέδωσεν ὅτι ἡ μυστικὴ ὀργάνωσις ΟΑΣ ἤρχισεν ἐφαρμόζουσα τὴν τακτικὴν τῆς καμένης γῆς εἰς ὁλόκληρον τὴν Ἀλγερίαν.

ΤΥΝΙΣ, 22. (Ρώυτερ). — Τὸ πρακτορεῖον εἰδήσεων τῆς προσωρινῆς ἀλγερινῆς κυβερνήσεως μετέδωσεν ὅτι ἡ μυστικὴ ὀργάνωσις ΟΑΣ ἤρχισεν ἐφαρμόζουσα τὴν τακτικὴν τῆς καμένης γῆς εἰς ὁλόκληρον τὴν Ἀλγερίαν.

ΠΡΟΣ ΚΥΒΕΡΝΗΤΙΚΗΝ ΚΡΙΣΙΝ

ΤΥΝΙΣ, 22. (Ρώυτερ). — Τὸ πρακτορεῖον εἰδήσεων τῆς προσωρινῆς ἀλγερινῆς κυβερνήσεως μετέδωσεν ὅτι ἡ μυστικὴ ὀργάνωσις ΟΑΣ ἤρχισεν ἐφαρμόζουσα τὴν τακτικὴν τῆς καμένης γῆς εἰς ὁλόκληρον τὴν Ἀλγερίαν.

Η ΑΠΟΠΕΙΡΑ ΔΟΛΟΦΟΝΙΑΣ

ΤΥΝΙΣ, 22. (Ρώυτερ). — Τὸ πρακτορεῖον εἰδήσεων τῆς προσωρινῆς ἀλγερινῆς κυβερνήσεως μετέδωσεν ὅτι ἡ μυστικὴ ὀργάνωσις ΟΑΣ ἤρχισεν ἐφαρμόζουσα τὴν τακτικὴν τῆς καμένης γῆς εἰς ὁλόκληρον τὴν Ἀλγερίαν.

27 ΝΕΚΡΟΙ, 14 ΤΡΑΥΜΑΤΙΑΙ

ΤΥΝΙΣ, 22. (Ρώυτερ). — Τὸ πρακτορεῖον εἰδήσεων τῆς προσωρινῆς ἀλγερινῆς κυβερνήσεως μετέδωσεν ὅτι ἡ μυστικὴ ὀργάνωσις ΟΑΣ ἤρχισεν ἐφαρμόζουσα τὴν τακτικὴν τῆς καμένης γῆς εἰς ὁλόκληρον τὴν Ἀλγερίαν.

ΕΙΣ ΤΗΝ ΕΛΛΑΔΑ

ΤΥΝΙΣ, 22. (Ρώυτερ). — Τὸ πρακτορεῖον εἰδήσεων τῆς προσωρινῆς ἀλγερινῆς κυβερνήσεως μετέδωσεν ὅτι ἡ μυστικὴ ὀργάνωσις ΟΑΣ ἤρχισεν ἐφαρμόζουσα τὴν τακτικὴν τῆς καμένης γῆς εἰς ὁλόκληρον τὴν Ἀλγερίαν.

ΤΥΝΙΣ, 22. (Ρώυτερ). — Τὸ πρακτορεῖον εἰδήσεων τῆς προσωρινῆς ἀλγερινῆς κυβερνήσεως μετέδωσεν ὅτι ἡ μυστικὴ ὀργάνωσις ΟΑΣ ἤρχισεν ἐφαρμόζουσα τὴν τακτικὴν τῆς καμένης γῆς εἰς ὁλόκληρον τὴν Ἀλγερίαν.

ΕΙΣ ΣΥΝΤΟΝΙΣΤΙΚΟΝ ΦΟΡΕΑ ΘΑ ΑΝΑΤΕΘΗ Η ΕΚΠΟΝΗΣΙΣ ΠΕΝΤΑΕΤΟΥΣ ΠΡΟΓΡΑΜΜΑΤΟΣ ΠΡΟΣ ΛΥΣΙΝ ΤΟΥ ΕΠΟΙΚΙΣΤΙΚΟΥ ΠΡΟΒΛΗΜΑΤΟΣ

ΤΥΝΙΣ, 22. (Ρώυτερ). — Τὸ πρακτορεῖον εἰδήσεων τῆς προσωρινῆς ἀλγερινῆς κυβερνήσεως μετέδωσεν ὅτι ἡ μυστικὴ ὀργάνωσις ΟΑΣ ἤρχισεν ἐφαρμόζουσα τὴν τακτικὴν τῆς καμένης γῆς εἰς ὁλόκληρον τὴν Ἀλγερίαν.

ΔΥΣΠΟΙΟΝ ΑΘΡΟΙΣΑΝ ΠΟΛΛΑ ΚΟΣΜΗΜΑΤΑ ΤΗΣ ΠΡΟΤΟΥ ΠΡΟΘΕΣΙΟΥ ΡΑΣΣΕΑ

ΤΥΝΙΣ, 22. (Ρώυτερ). — Τὸ πρακτορεῖον εἰδήσεων τῆς προσωρινῆς ἀλγερινῆς κυβερνήσεως μετέδωσεν ὅτι ἡ μυστικὴ ὀργάνωσις ΟΑΣ ἤρχισεν ἐφαρμόζουσα τὴν τακτικὴν τῆς καμένης γῆς εἰς ὁλόκληρον τὴν Ἀλγερίαν.

1.029.640 ΚΙΛΑ ΣΙΓΑΡΕΤΤΩΝ ΕΚΑΠΝΙΣΘΗΣΑΝ ΤΟΝ ΑΠΡΙΛΙΟΝ

ΤΥΝΙΣ, 22. (Ρώυτερ). — Τὸ πρακτορεῖον εἰδήσεων τῆς προσωρινῆς ἀλγερινῆς κυβερνήσεως μετέδωσεν ὅτι ἡ μυστικὴ ὀργάνωσις ΟΑΣ ἤρχισεν ἐφαρμόζουσα τὴν τακτικὴν τῆς καμένης γῆς εἰς ὁλόκληρον τὴν Ἀλγερίαν.

ΕΛΛΗΝΙΚΑ ΠΡΟΪΟΝΤΑ ΕΙΣ ΤΗΝ ΟΥΓΓΑΡΙΑΝ

ΤΥΝΙΣ, 22. (Ρώυτερ). — Τὸ πρακτορεῖον εἰδήσεων τῆς προσωρινῆς ἀλγερινῆς κυβερνήσεως μετέδωσεν ὅτι ἡ μυστικὴ ὀργάνωσις ΟΑΣ ἤρχισεν ἐφαρμόζουσα τὴν τακτικὴν τῆς καμένης γῆς εἰς ὁλόκληρον τὴν Ἀλγερίαν.

ΤΥΝΙΣ, 22. (Ρώυτερ). — Τὸ πρακτορεῖον εἰδήσεων τῆς προσωρινῆς ἀλγερινῆς κυβερνήσεως μετέδωσεν ὅτι ἡ μυστικὴ ὀργάνωσις ΟΑΣ ἤρχισεν ἐφαρμόζουσα τὴν τακτικὴν τῆς καμένης γῆς εἰς ὁλόκληρον τὴν Ἀλγερίαν.

ΤΥΝΙΣ, 22. (Ρώυτερ). — Τὸ πρακτορεῖον εἰδήσεων τῆς προσωρινῆς ἀλγερινῆς κυβερνήσεως μετέδωσεν ὅτι ἡ μυστικὴ ὀργάνωσις ΟΑΣ ἤρχισεν ἐφαρμόζουσα τὴν τακτικὴν τῆς καμένης γῆς εἰς ὁλόκληρον τὴν Ἀλγερίαν.

20.793 ΕΚΑΤΟΜΜ. ΔΡΧ. ΗΣΑΝ ΤΟΝ ΑΠΡΙΛΙΟΝ ΑΙ ΕΙΣ ΤΑΣ ΤΡΑΠΕΖΑΣ ΙΔΙΩΤΙΚΑΙ ΚΑΤΑΘΕΣΕΙΣ

ΤΥΝΙΣ, 22. (Ρώυτερ). — Τὸ πρακτορεῖον εἰδήσεων τῆς προσωρινῆς ἀλγερινῆς κυβερνήσεως μετέδωσεν ὅτι ἡ μυστικὴ ὀργάνωσις ΟΑΣ ἤρχισεν ἐφαρμόζουσα τὴν τακτικὴν τῆς καμένης γῆς εἰς ὁλόκληρον τὴν Ἀλγερίαν.

ΑΠΟΔΗΜΗΣΙΣ

ΤΥΝΙΣ, 22. (Ρώυτερ). — Τὸ πρακτορεῖον εἰδήσεων τῆς προσωρινῆς ἀλγερινῆς κυβερνήσεως μετέδωσεν ὅτι ἡ μυστικὴ ὀργάνωσις ΟΑΣ ἤρχισεν ἐφαρμόζουσα τὴν τακτικὴν τῆς καμένης γῆς εἰς ὁλόκληρον τὴν Ἀλγερίαν.

ΤΡΑΓΟΥΔΙΣΤΡΙΑ
Ἐνῷ ἐπραγματοποίει
μυστικὴν ἀποστολὴν
ΑΜΕΡΙΚΑΝΙΚΟΝ ΤΕΤΡΑΚΙΝΗΤΗΡΙΟΝ ΕΞΕΡΡΑΓΗ ΕΝ ΠΤΗΣΕΙ ΚΑΙ ΣΥΝΕΤΡΙΒΗ ΠΑΡΑ ΤΟ ΜΟΝΑΧΟΝ
Οἱ 26 ἐπιβαίνοντες αὐτοῦ
εὗρον οἰκτρὸν θάνατον

ΜΟΝΑΧΟΝ, 22. (Ρώυτερ καὶ Ἀσ. Πρές). — Ἕνα τετρακινητήριον ἀεροσκάφος τῆς ἀμερικανικῆς ἀεροπορίας ἐξερράγη ἐν πτήσει καὶ συνετρίβη πλησίον τοῦ Μονάχου. Καὶ οἱ 26 ἐπιβαίνοντες αὐτοῦ εὗρον οἰκτρὸν θάνατον.
